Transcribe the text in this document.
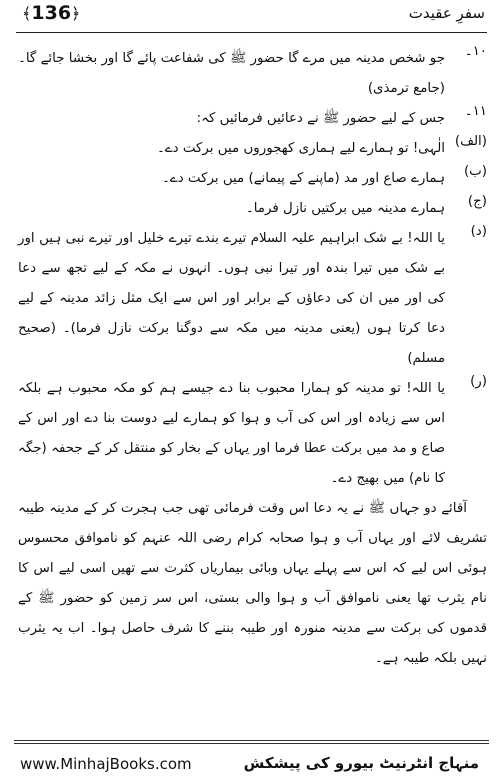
﴾136﴿	سفرِ عقیدت
۱۰۔
جو شخص مدینہ میں مرے گا حضور ﷺ کی شفاعت پائے گا اور بخشا جائے گا۔ (جامع ترمذی)
۱۱۔
جس کے لیے حضور ﷺ نے دعائیں فرمائیں کہ:
(الف)
الٰہی! تو ہمارے لیے ہماری کھجوروں میں برکت دے۔
(ب)
ہمارے صاع اور مد (ماپنے کے پیمانے) میں برکت دے۔
(ج)
ہمارے مدینہ میں برکتیں نازل فرما۔
(د)
یا اللہ! بے شک ابراہیم علیہ السلام تیرے بندے تیرے خلیل اور تیرے نبی ہیں اور بے شک میں تیرا بندہ اور تیرا نبی ہوں۔ انہوں نے مکہ کے لیے تجھ سے دعا کی اور میں ان کی دعاؤں کے برابر اور اس سے ایک مثل زائد مدینہ کے لیے دعا کرتا ہوں (یعنی مدینہ میں مکہ سے دوگنا برکت نازل فرما)۔ (صحیح مسلم)
(ر)
یا اللہ! تو مدینہ کو ہمارا محبوب بنا دے جیسے ہم کو مکہ محبوب ہے بلکہ اس سے زیادہ اور اس کی آب و ہوا کو ہمارے لیے دوست بنا دے اور اس کے صاع و مد میں برکت عطا فرما اور یہاں کے بخار کو منتقل کر کے جحفہ (جگہ کا نام) میں بھیج دے۔
آقائے دو جہاں ﷺ نے یہ دعا اس وقت فرمائی تھی جب ہجرت کر کے مدینہ طیبہ تشریف لائے اور یہاں آب و ہوا صحابہ کرام رضی اللہ عنہم کو ناموافق محسوس ہوئی اس لیے کہ اس سے پہلے یہاں وبائی بیماریاں کثرت سے تھیں اسی لیے اس کا نام یثرب تھا یعنی ناموافق آب و ہوا والی بستی، اس سر زمین کو حضور ﷺ کے قدموں کی برکت سے مدینہ منورہ اور طیبہ بننے کا شرف حاصل ہوا۔ اب یہ یثرب نہیں بلکہ طیبہ ہے۔
www.MinhajBooks.com	منہاج انٹرنیٹ بیورو کی پیشکش
